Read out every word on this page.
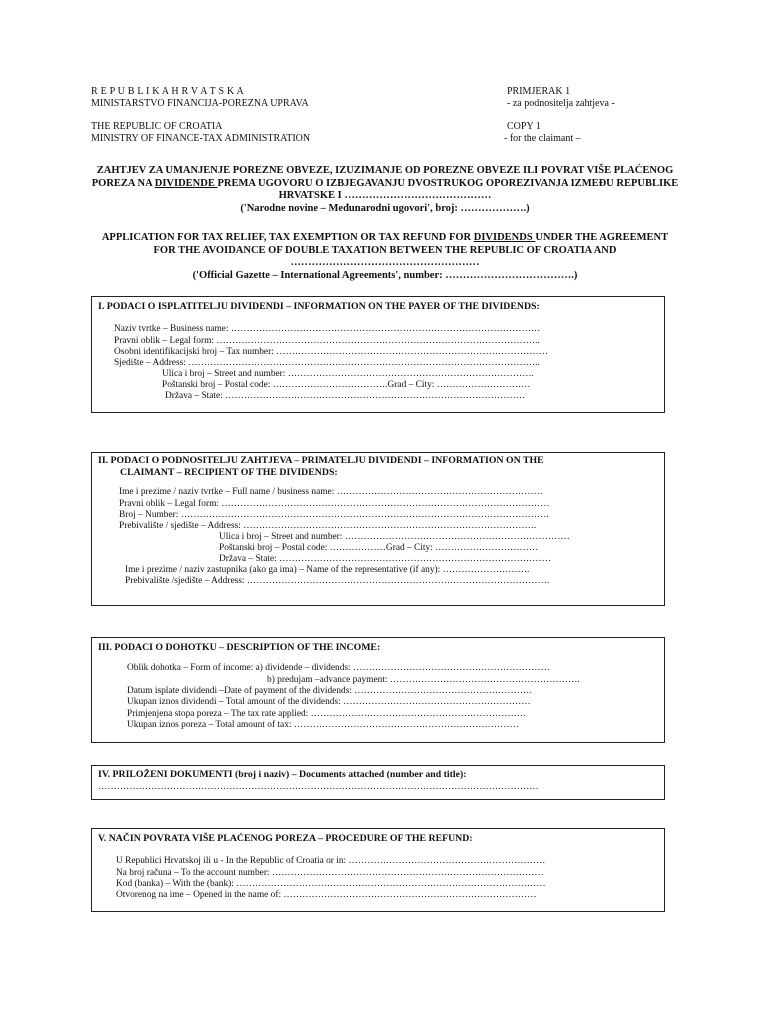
R E P U B L I K A H R V A T S K A
MINISTARSTVO FINANCIJA-POREZNA UPRAVA
THE REPUBLIC OF CROATIA
MINISTRY OF FINANCE-TAX ADMINISTRATION
PRIMJERAK 1
- za podnositelja zahtjeva -
COPY 1
- for the claimant –
ZAHTJEV ZA UMANJENJE POREZNE OBVEZE, IZUZIMANJE OD POREZNE OBVEZE ILI POVRAT VIŠE PLAĆENOG
POREZA NA DIVIDENDE PREMA UGOVORU O IZBJEGAVANJU DVOSTRUKOG OPOREZIVANJA IZMEĐU REPUBLIKE
HRVATSKE I ……………………………………
('Narodne novine – Međunarodni ugovori', broj: ……………….)
APPLICATION FOR TAX RELIEF, TAX EXEMPTION OR TAX REFUND FOR DIVIDENDS UNDER THE AGREEMENT
FOR THE AVOIDANCE OF DOUBLE TAXATION BETWEEN THE REPUBLIC OF CROATIA AND
………………………………………………
('Official Gazette – International Agreements', number: ……………………………….)
I. PODACI O ISPLATITELJU DIVIDENDI – INFORMATION ON THE PAYER OF THE DIVIDENDS:
Naziv tvrtke – Business name: ………………………………………………………………………………………
Pravni oblik – Legal form: …………………………………………………………………………………………..
Osobni identifikacijski broj – Tax number: ……………………………………………………………………………
Sjedište – Address: …………………………………………………………………………………………………..
Ulica i broj – Street and number: …………………………………………………………………….
Poštanski broj – Postal code: ……………………………….Grad – City: …………………………
Država – State: ……………………………………………………………………………………
II. PODACI O PODNOSITELJU ZAHTJEVA – PRIMATELJU DIVIDENDI – INFORMATION ON THE
CLAIMANT – RECIPIENT OF THE DIVIDENDS:
Ime i prezime / naziv tvrtke – Full name / business name: …………………………………………………………
Pravni oblik – Legal form: ……………………………………………………………………………………………
Broj – Number: ……………………………………………………………………………………………………….
Prebivalište / sjedište – Address: ………………………………………………………………………………….
Ulica i broj – Street and number: ………………………………………………………………
Poštanski broj – Postal code: ………………Grad – City: ……………………………
Država – State: ……………………………………………………………………………
Ime i prezime / naziv zastupnika (ako ga ima) – Name of the representative (if any): ……………………….
Prebivalište /sjedište – Address: …………………………………………………………………………………….
III. PODACI O DOHOTKU – DESCRIPTION OF THE INCOME:
Oblik dohotka – Form of income: a) dividende – dividends: ………………………………………………………
b) predujam –advance payment: …………………………………………………….
Datum isplate dividendi –Date of payment of the dividends: …………………………………………………
Ukupan iznos dividendi – Total amount of the dividends: ……………………………………………………
Primjenjena stopa poreza – The tax rate applied: ……………………………………………………………
Ukupan iznos poreza – Total amount of tax: ………………………………………………………………
IV. PRILOŽENI DOKUMENTI (broj i naziv) – Documents attached (number and title):
……………………………………………………………………………………………………………………………
V. NAČIN POVRATA VIŠE PLAĆENOG POREZA – PROCEDURE OF THE REFUND:
U Republici Hrvatskoj ili u - In the Republic of Croatia or in: ………………………………………………………
Na broj računa – To the account number: ……………………………………………………………………………
Kod (banka) – With the (bank): ………………………………………………………………………………………
Otvorenog na ime – Opened in the name of: ………………………………………………………………………
